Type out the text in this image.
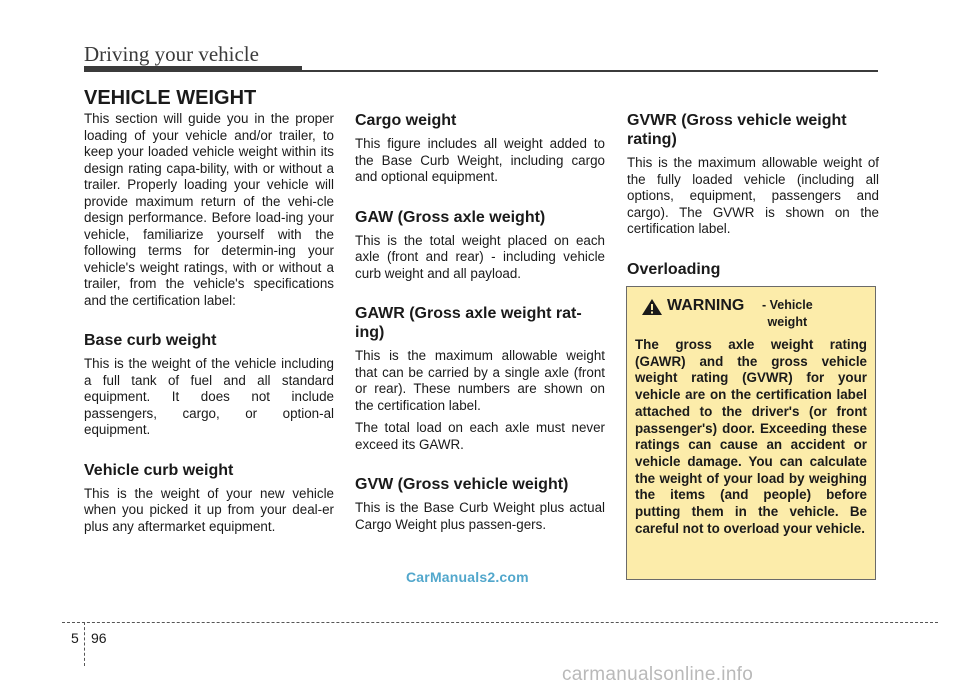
Driving your vehicle
VEHICLE WEIGHT

This section will guide you in the proper loading of your vehicle and/or trailer, to keep your loaded vehicle weight within its design rating capa-bility, with or without a trailer. Properly loading your vehicle will provide maximum return of the vehi-cle design performance. Before load-ing your vehicle, familiarize yourself with the following terms for determin-ing your vehicle's weight ratings, with or without a trailer, from the vehicle's specifications and the certification label:

Base curb weight

This is the weight of the vehicle including a full tank of fuel and all standard equipment. It does not include passengers, cargo, or option-al equipment.

Vehicle curb weight

This is the weight of your new vehicle when you picked it up from your deal-er plus any aftermarket equipment.

Cargo weight

This figure includes all weight added to the Base Curb Weight, including cargo and optional equipment.

GAW (Gross axle weight)

This is the total weight placed on each axle (front and rear) - including vehicle curb weight and all payload.

GAWR (Gross axle weight rat-ing)

This is the maximum allowable weight that can be carried by a single axle (front or rear). These numbers are shown on the certification label.

The total load on each axle must never exceed its GAWR.

GVW (Gross vehicle weight)

This is the Base Curb Weight plus actual Cargo Weight plus passen-gers.

GVWR (Gross vehicle weight rating)

This is the maximum allowable weight of the fully loaded vehicle (including all options, equipment, passengers and cargo). The GVWR is shown on the certification label.

Overloading
WARNING	- Vehicle weight

The gross axle weight rating (GAWR) and the gross vehicle weight rating (GVWR) for your vehicle are on the certification label attached to the driver's (or front passenger's) door. Exceeding these ratings can cause an accident or vehicle damage. You can calculate the weight of your load by weighing the items (and people) before putting them in the vehicle. Be careful not to overload your vehicle.

CarManuals2.com
5 96
carmanualsonline.info
